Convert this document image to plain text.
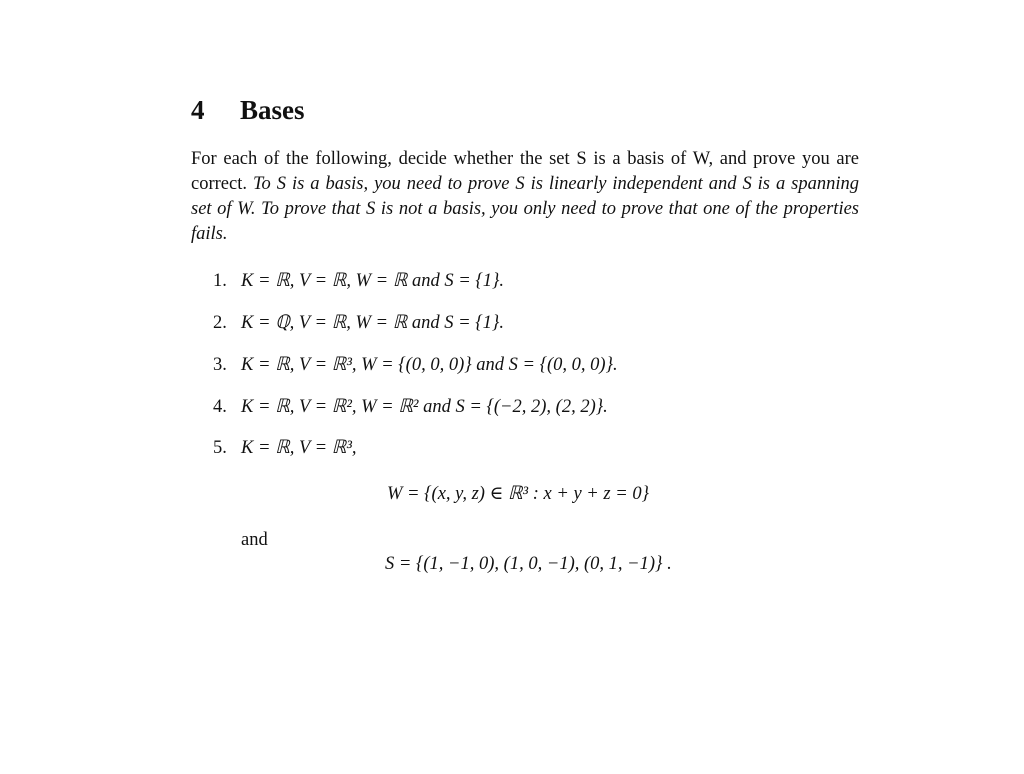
4 Bases
For each of the following, decide whether the set S is a basis of W, and prove you are correct. To S is a basis, you need to prove S is linearly independent and S is a spanning set of W. To prove that S is not a basis, you only need to prove that one of the properties fails.
1. K = ℝ, V = ℝ, W = ℝ and S = {1}.
2. K = ℚ, V = ℝ, W = ℝ and S = {1}.
3. K = ℝ, V = ℝ³, W = {(0, 0, 0)} and S = {(0, 0, 0)}.
4. K = ℝ, V = ℝ², W = ℝ² and S = {(−2, 2), (2, 2)}.
5. K = ℝ, V = ℝ³,
W = {(x, y, z) ∈ ℝ³ : x + y + z = 0}
and
S = {(1, −1, 0), (1, 0, −1), (0, 1, −1)} .
